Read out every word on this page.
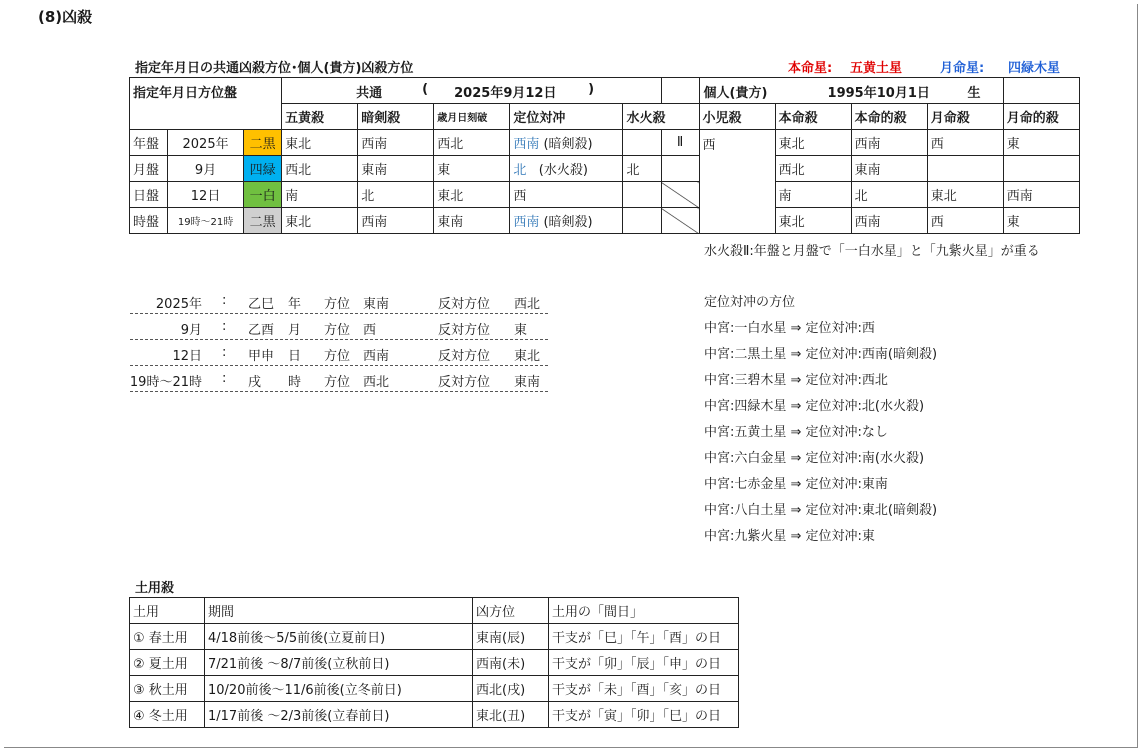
(8)凶殺
指定年月日の共通凶殺方位･個人(貴方)凶殺方位	本命星: 五黄土星	月命星: 四緑木星
指定年月日方位盤			共通 ( 2025年9月12日 )						個人(貴方) 1995年10月1日 生				

			五黄殺	暗剣殺	歳月日刻破	定位対冲	水火殺		小児殺	本命殺	本命的殺	月命殺	月命的殺
年盤	2025年	二黒	東北	西南	西北	西南 (暗剣殺)		Ⅱ	西	東北	西南	西	東
月盤	9月	四緑	西北	東南	東	北 (水火殺)	北			西北	東南		
日盤	12日	一白	南	北	東北	西				南	北	東北	西南
時盤	19時～21時	二黒	東北	西南	東南	西南 (暗剣殺)				東北	西南	西	東
水火殺Ⅱ:年盤と月盤で「一白水星」と「九紫火星」が重る
2025年 : 乙巳 年 方位 東南	反対方位 西北
9月 : 乙酉 月 方位 西	反対方位 東
12日 : 甲申 日 方位 西南	反対方位 東北
19時～21時 : 戌 時 方位 西北	反対方位 東南
定位対冲の方位
中宮:一白水星 ⇒ 定位対冲:西
中宮:二黒土星 ⇒ 定位対冲:西南(暗剣殺)
中宮:三碧木星 ⇒ 定位対冲:西北
中宮:四緑木星 ⇒ 定位対冲:北(水火殺)
中宮:五黄土星 ⇒ 定位対冲:なし
中宮:六白金星 ⇒ 定位対冲:南(水火殺)
中宮:七赤金星 ⇒ 定位対冲:東南
中宮:八白土星 ⇒ 定位対冲:東北(暗剣殺)
中宮:九紫火星 ⇒ 定位対冲:東
土用殺
土用	期間	凶方位	土用の「間日」
① 春土用	4/18前後～5/5前後(立夏前日)	東南(辰)	干支が「巳」「午」「酉」の日
② 夏土用	7/21前後 ～8/7前後(立秋前日)	西南(未)	干支が「卯」「辰」「申」の日
③ 秋土用	10/20前後～11/6前後(立冬前日)	西北(戌)	干支が「未」「酉」「亥」の日
④ 冬土用	1/17前後 ～2/3前後(立春前日)	東北(丑)	干支が「寅」「卯」「巳」の日
